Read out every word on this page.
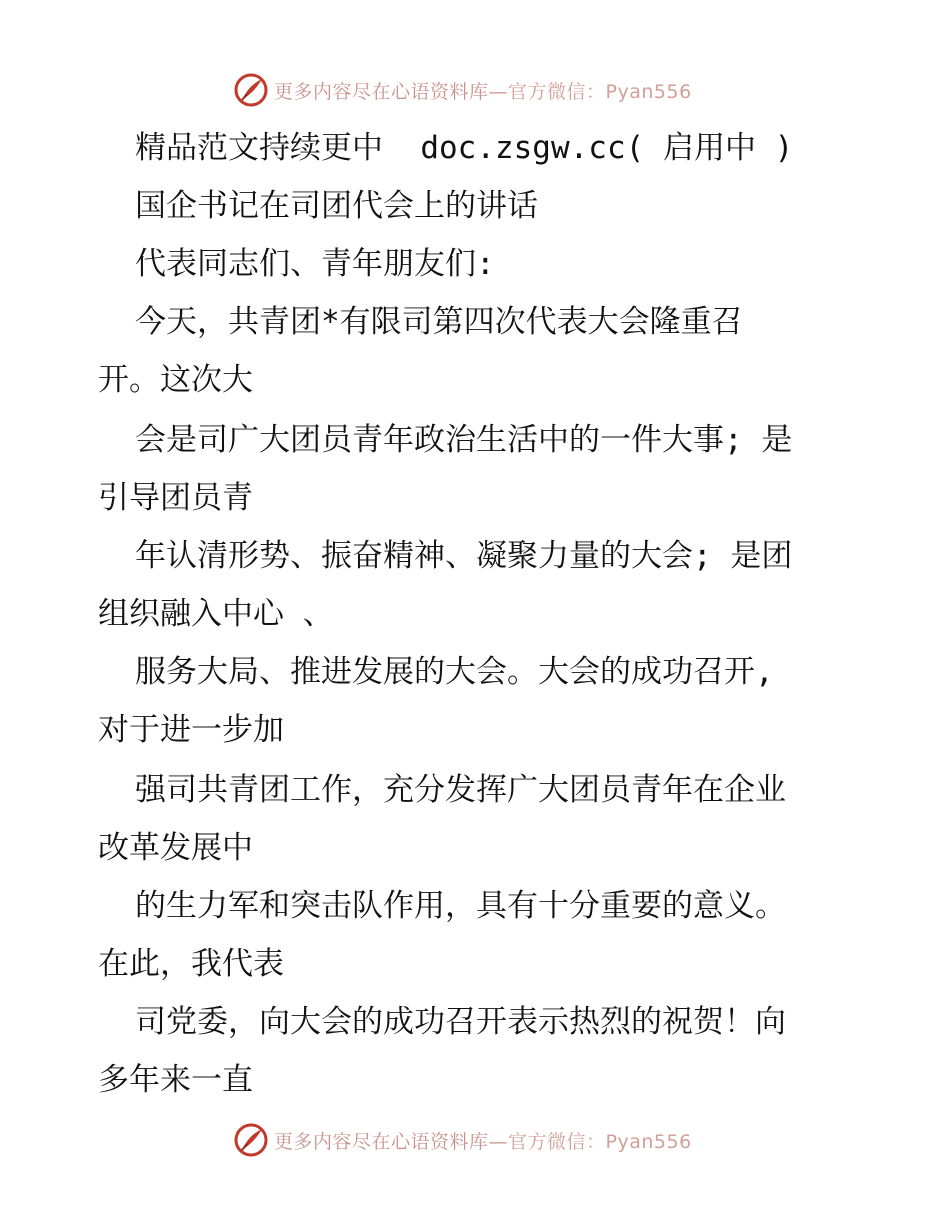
更多内容尽在心语资料库—官方微信：Pyan556
精品范文持续更中  doc.zsgw.cc( 启用中 )
国企书记在司团代会上的讲话
代表同志们、青年朋友们:
今天，共青团*有限司第四次代表大会隆重召
开。这次大
会是司广大团员青年政治生活中的一件大事; 是
引导团员青
年认清形势、振奋精神、凝聚力量的大会; 是团
组织融入中心 、
服务大局、推进发展的大会。大会的成功召开,
对于进一步加
强司共青团工作，充分发挥广大团员青年在企业
改革发展中
的生力军和突击队作用，具有十分重要的意义。
在此，我代表
司党委，向大会的成功召开表示热烈的祝贺！向
多年来一直
更多内容尽在心语资料库—官方微信：Pyan556
